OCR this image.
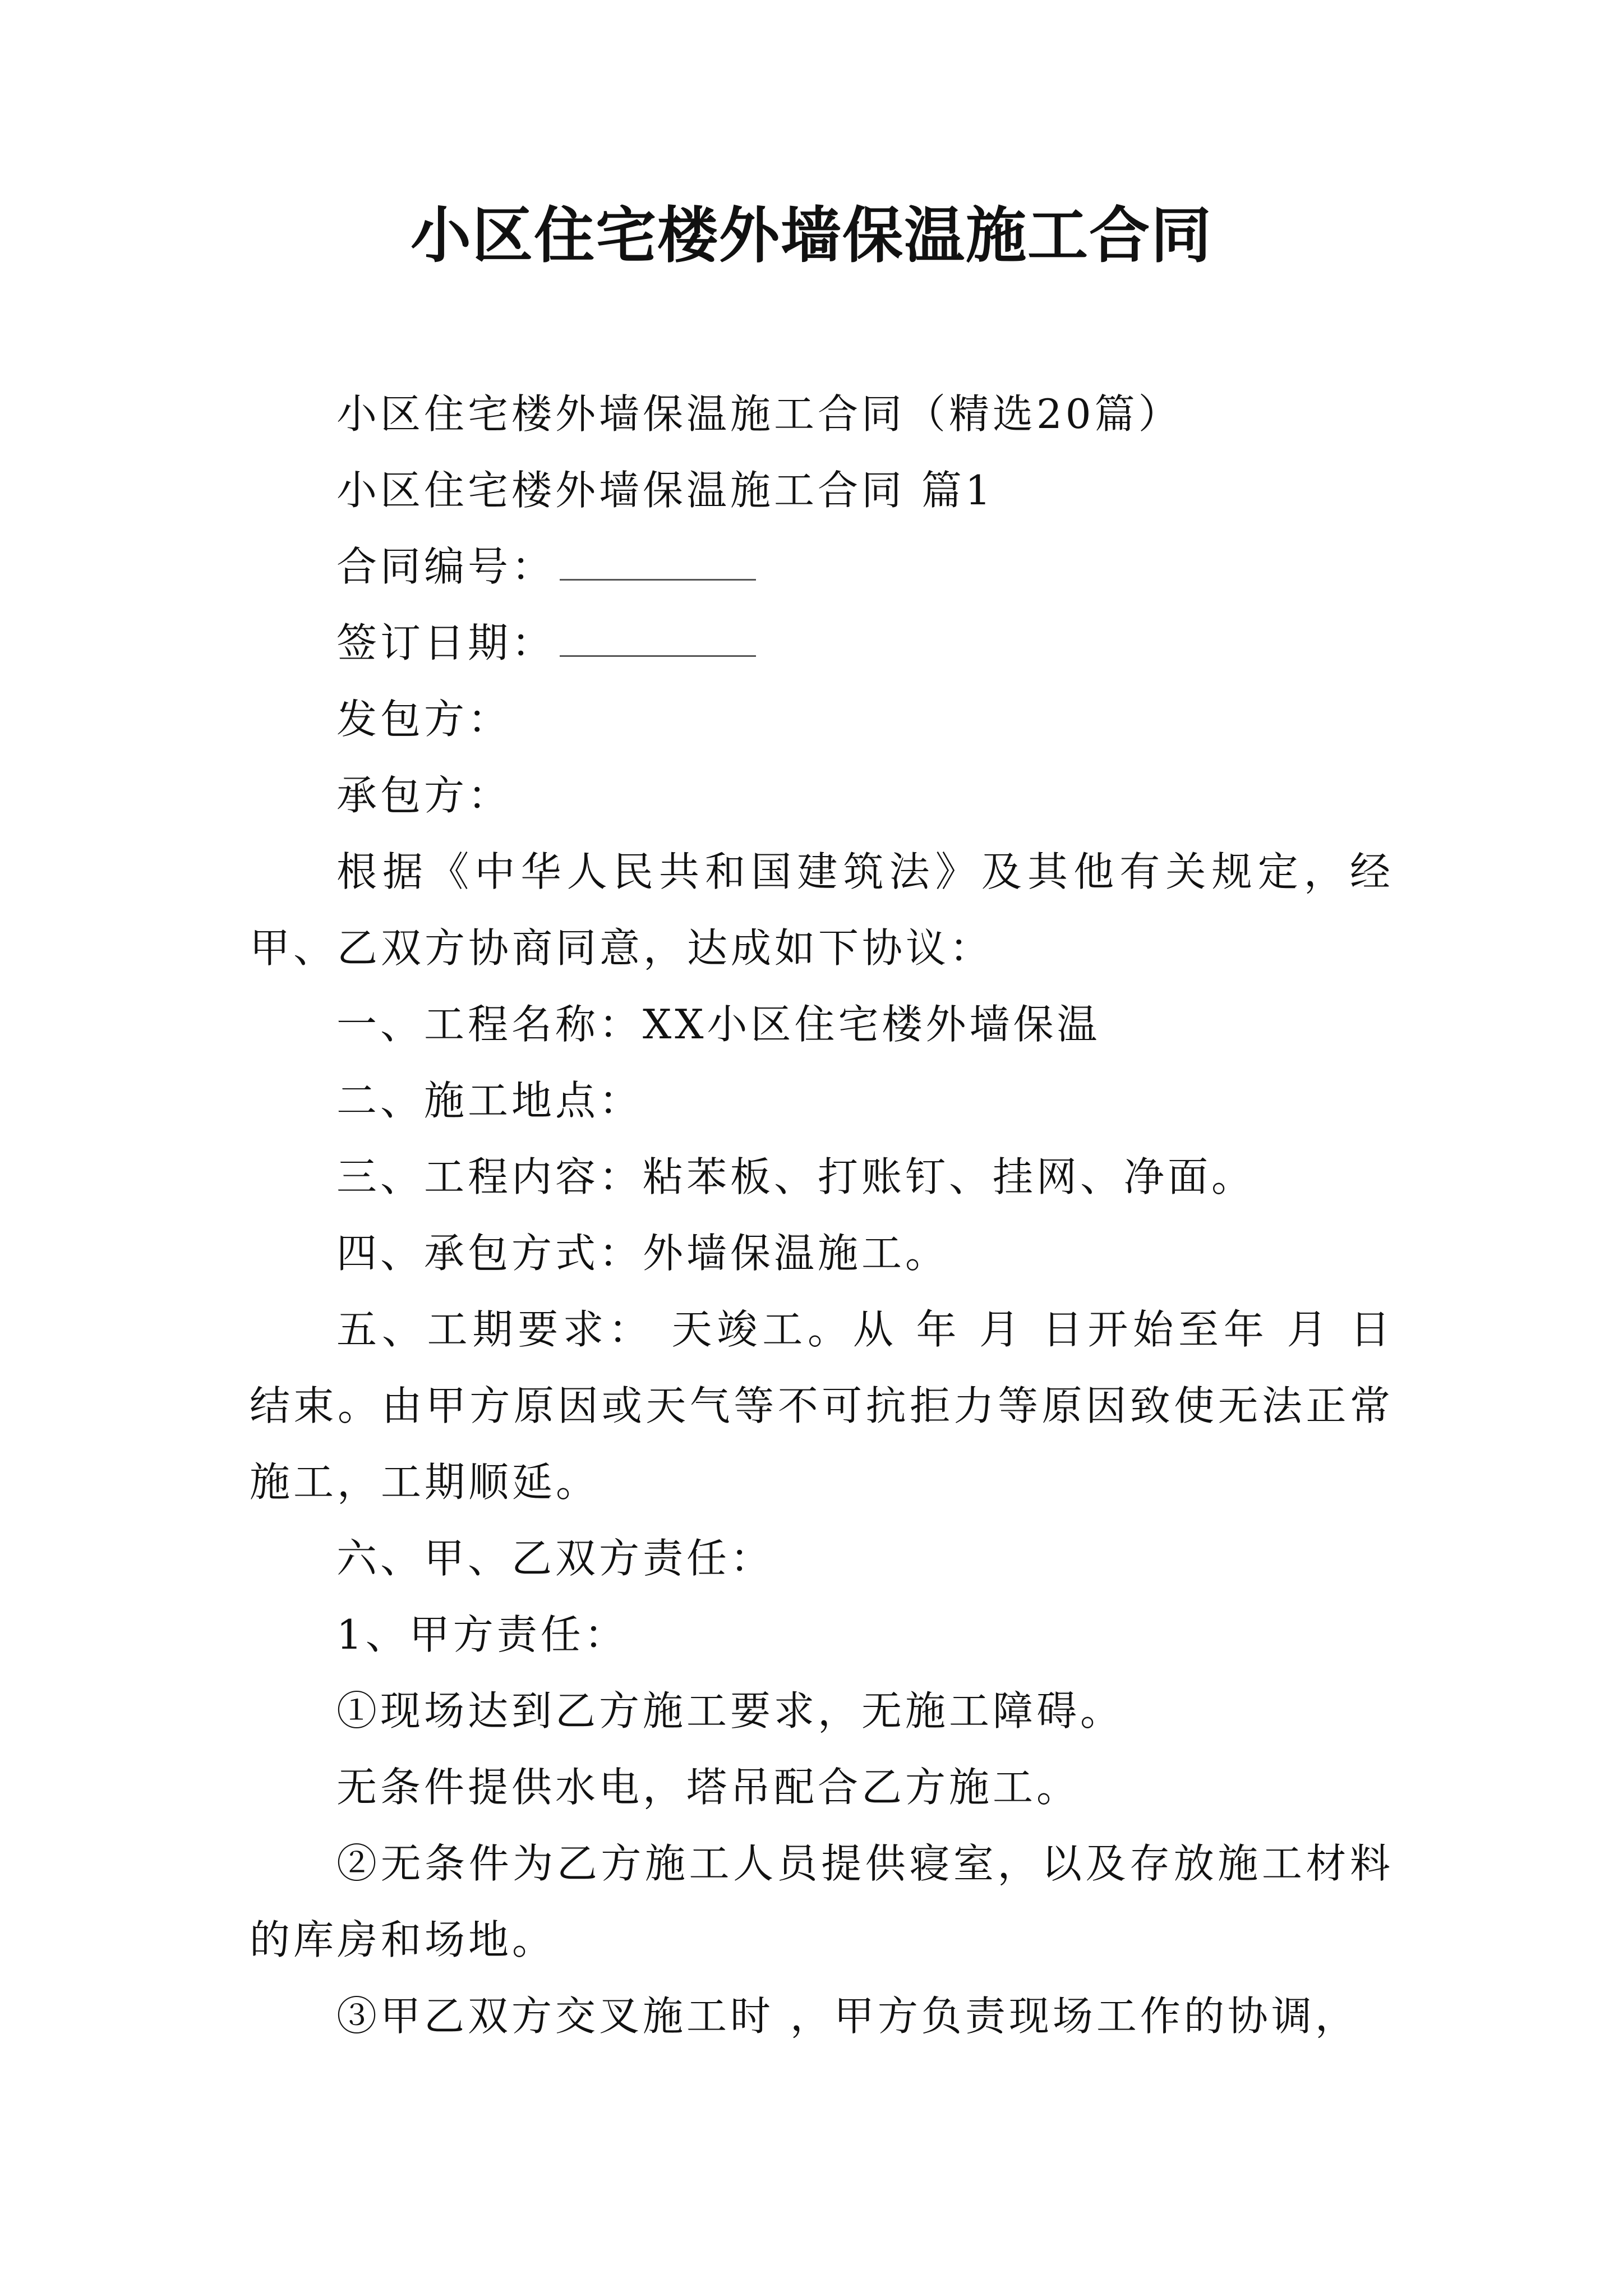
小区住宅楼外墙保温施工合同

小区住宅楼外墙保温施工合同（精选20篇）

小区住宅楼外墙保温施工合同 篇1

合同编号：

签订日期：

发包方：

承包方：

根据《中华人民共和国建筑法》及其他有关规定，经甲、乙双方协商同意，达成如下协议：

一、工程名称：XX小区住宅楼外墙保温

二、施工地点：

三、工程内容：粘苯板、打账钉、挂网、净面。

四、承包方式：外墙保温施工。

五、工期要求： 天竣工。从 年 月 日开始至年 月 日结束。由甲方原因或天气等不可抗拒力等原因致使无法正常施工，工期顺延。

六、甲、乙双方责任：

1、甲方责任：

①现场达到乙方施工要求，无施工障碍。

无条件提供水电，塔吊配合乙方施工。

②无条件为乙方施工人员提供寝室，以及存放施工材料的库房和场地。

③甲乙双方交叉施工时 ，甲方负责现场工作的协调，
